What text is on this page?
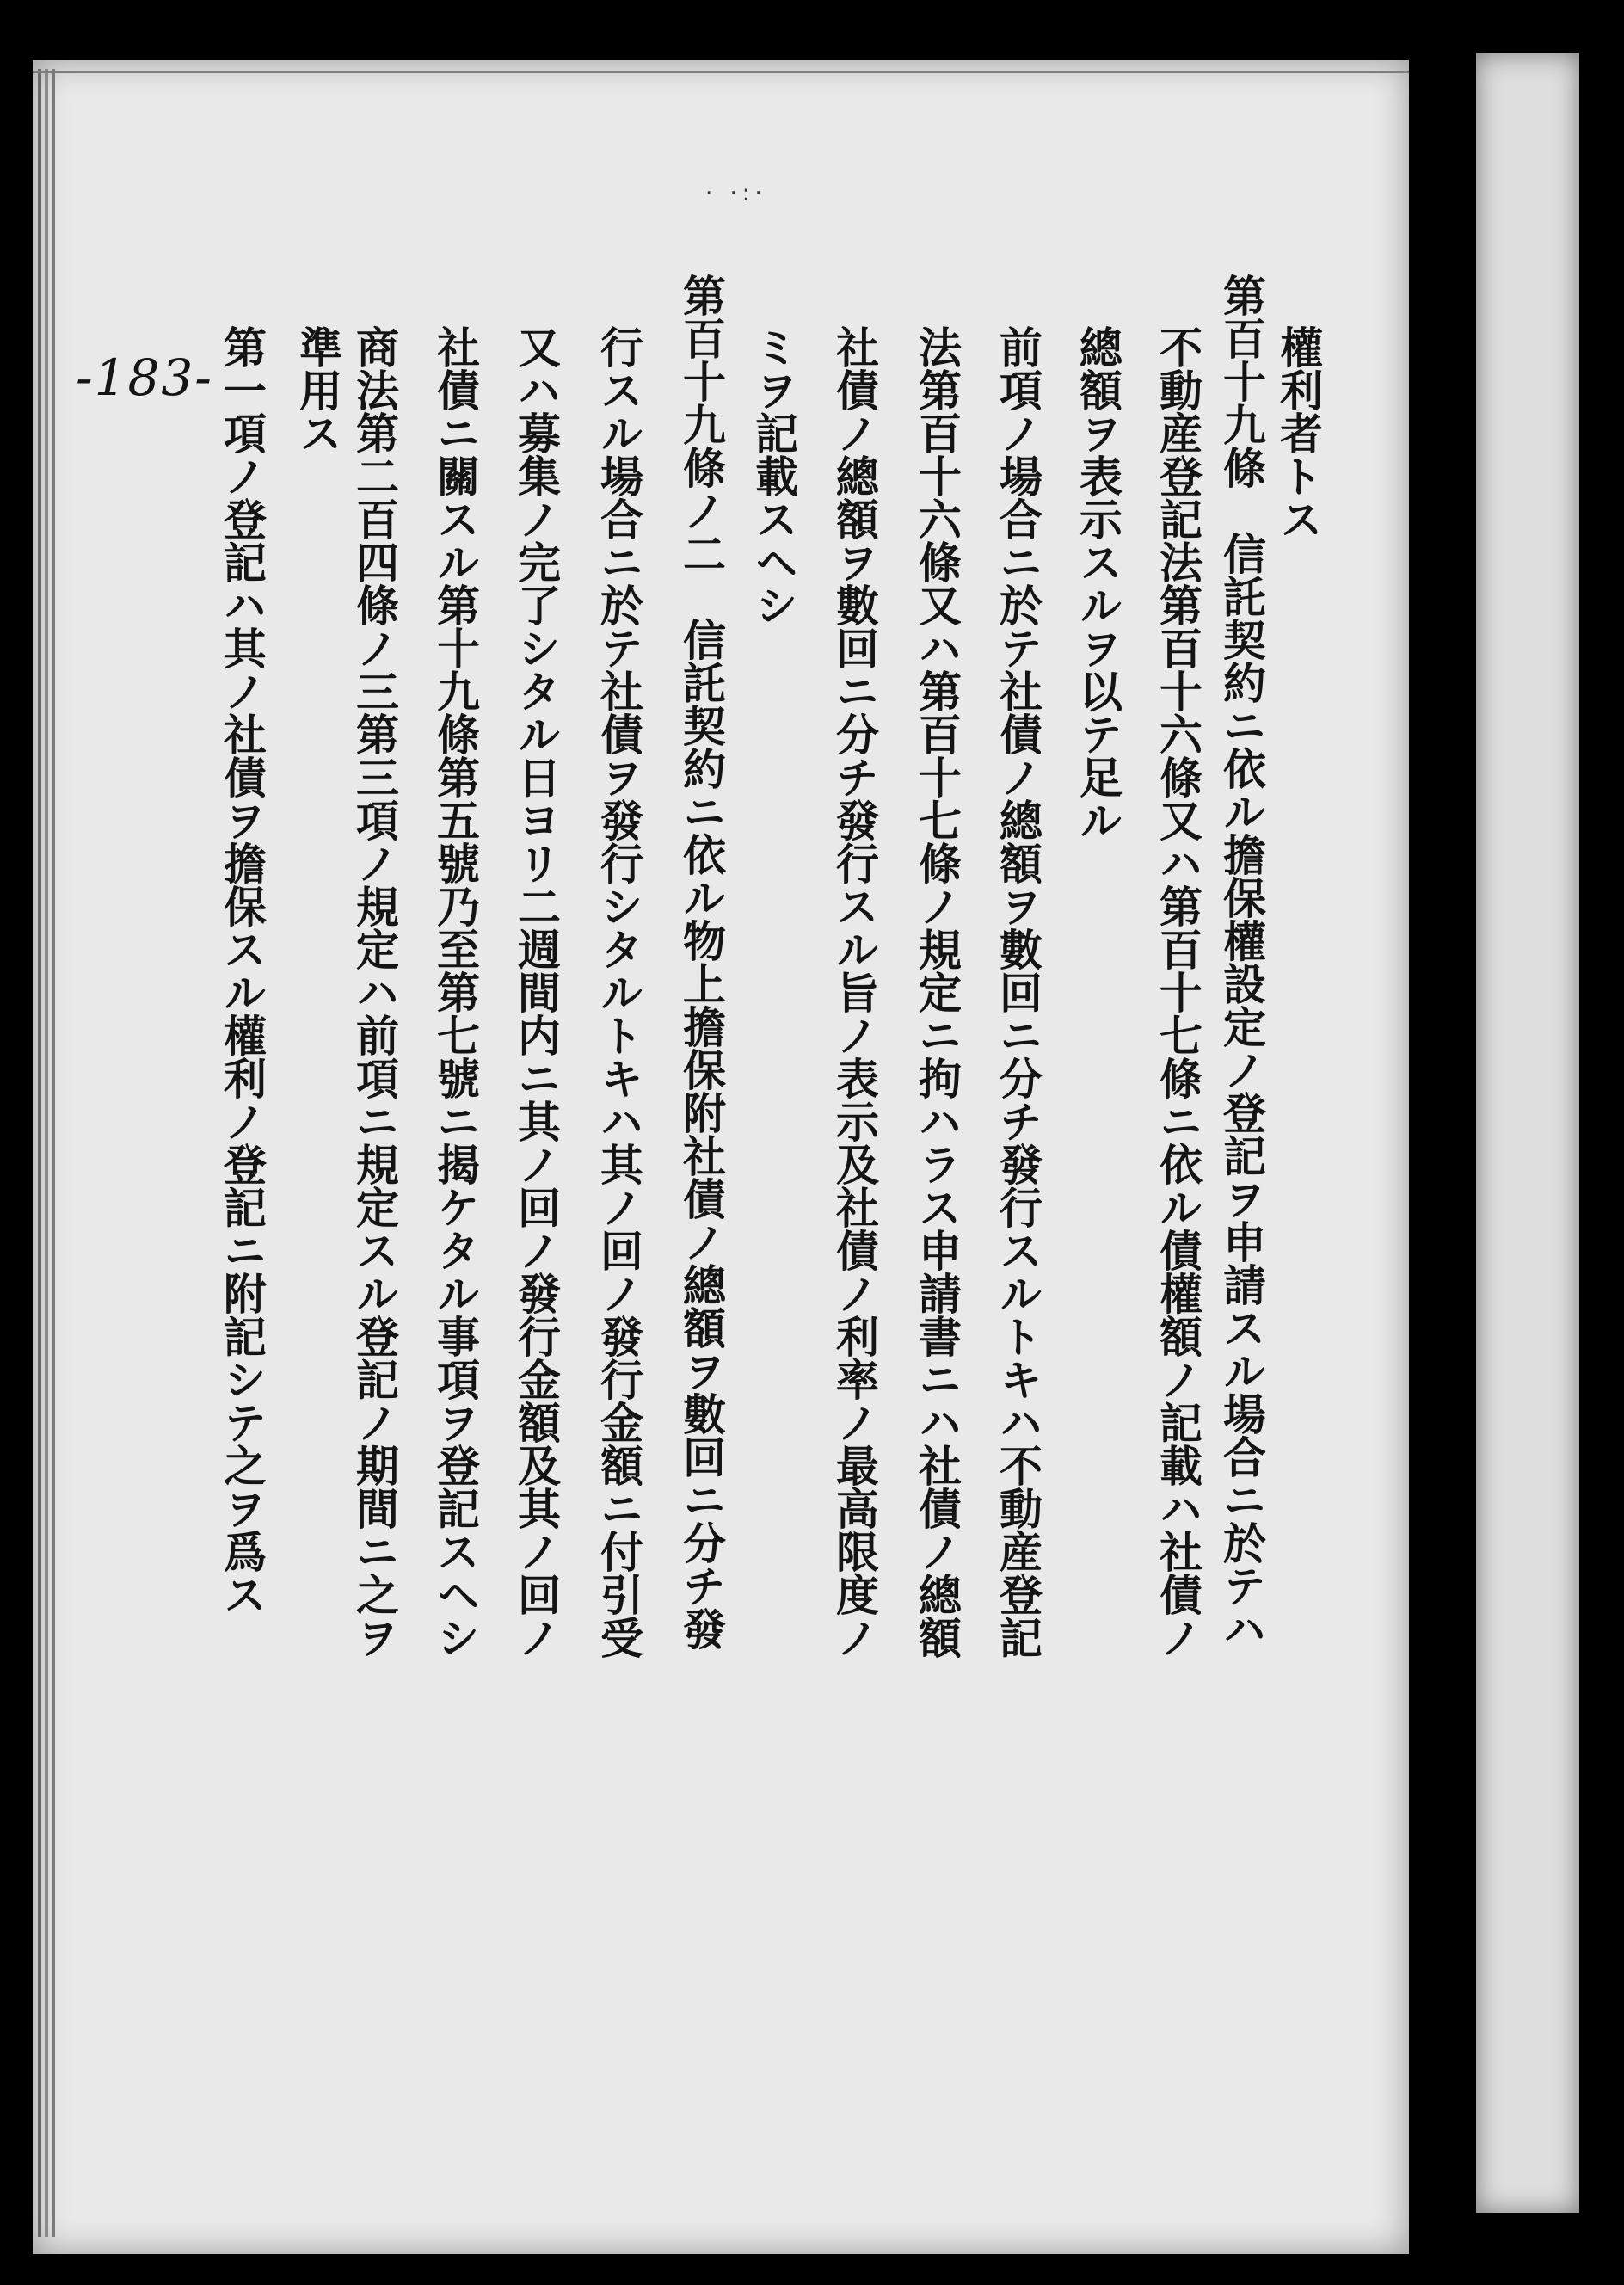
· ·:·
-183-	權利者トス
第百十九條　信託契約ニ依ル擔保權設定ノ登記ヲ申請スル場合ニ於テハ
不動産登記法第百十六條又ハ第百十七條ニ依ル債權額ノ記載ハ社債ノ
總額ヲ表示スルヲ以テ足ル
前項ノ場合ニ於テ社債ノ總額ヲ數回ニ分チ發行スルトキハ不動産登記
法第百十六條又ハ第百十七條ノ規定ニ拘ハラス申請書ニハ社債ノ總額
社債ノ總額ヲ數回ニ分チ發行スル旨ノ表示及社債ノ利率ノ最高限度ノ
ミヲ記載スヘシ
第百十九條ノ二　信託契約ニ依ル物上擔保附社債ノ總額ヲ數回ニ分チ發
行スル場合ニ於テ社債ヲ發行シタルトキハ其ノ回ノ發行金額ニ付引受
又ハ募集ノ完了シタル日ヨリ二週間内ニ其ノ回ノ發行金額及其ノ回ノ
社債ニ關スル第十九條第五號乃至第七號ニ揭ケタル事項ヲ登記スヘシ
商法第二百四條ノ三第三項ノ規定ハ前項ニ規定スル登記ノ期間ニ之ヲ
準用ス
第一項ノ登記ハ其ノ社債ヲ擔保スル權利ノ登記ニ附記シテ之ヲ爲ス
